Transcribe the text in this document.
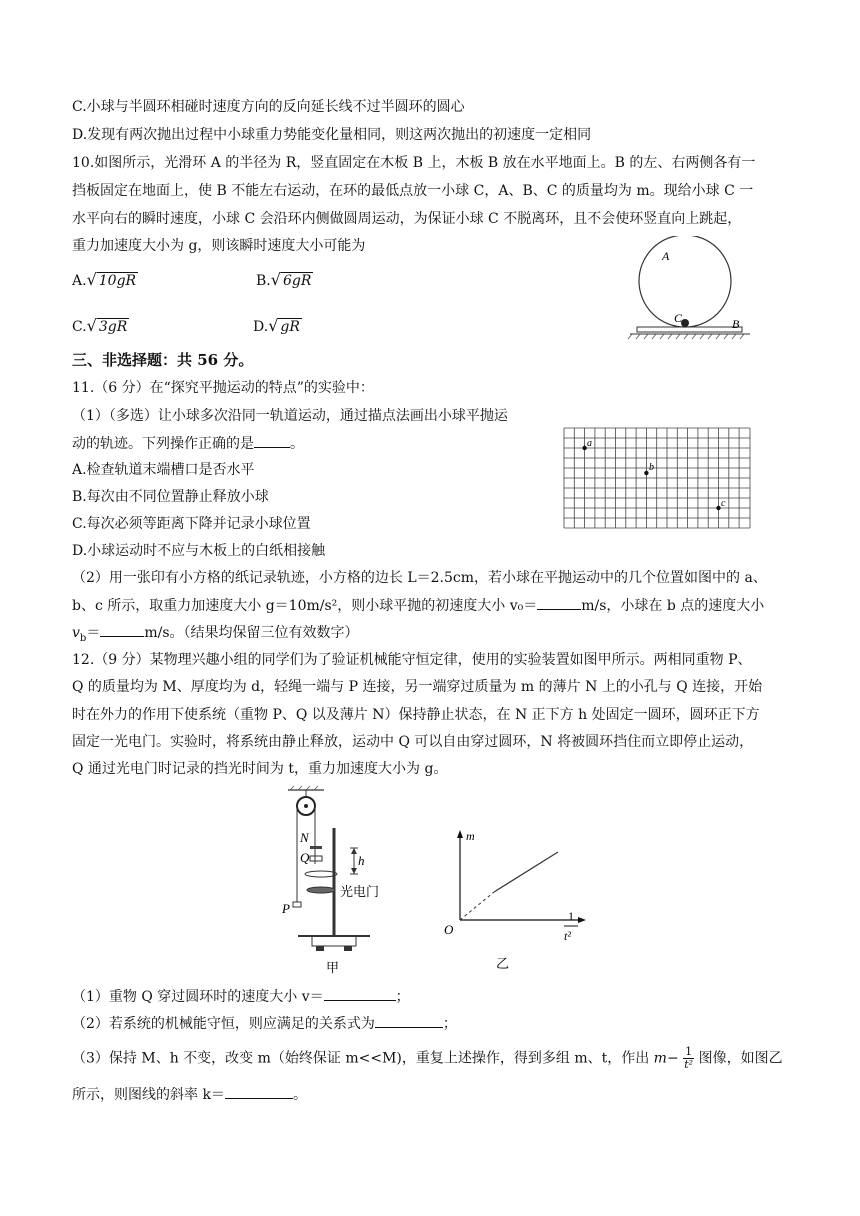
C.小球与半圆环相碰时速度方向的反向延长线不过半圆环的圆心
D.发现有两次抛出过程中小球重力势能变化量相同，则这两次抛出的初速度一定相同
10.如图所示，光滑环 A 的半径为 R，竖直固定在木板 B 上，木板 B 放在水平地面上。B 的左、右两侧各有一
挡板固定在地面上，使 B 不能左右运动，在环的最低点放一小球 C，A、B、C 的质量均为 m。现给小球 C 一
水平向右的瞬时速度，小球 C 会沿环内侧做圆周运动，为保证小球 C 不脱离环，且不会使环竖直向上跳起，
重力加速度大小为 g，则该瞬时速度大小可能为
A.√ 10gR	B.√ 6gR
C.√ 3gR	D.√ gR
A
C	B
三、非选择题：共 56 分。
11.（6 分）在“探究平抛运动的特点”的实验中：
（1）（多选）让小球多次沿同一轨道运动，通过描点法画出小球平抛运
动的轨迹。下列操作正确的是	。
A.检查轨道末端槽口是否水平
B.每次由不同位置静止释放小球
C.每次必须等距离下降并记录小球位置
D.小球运动时不应与木板上的白纸相接触
a
b
c
（2）用一张印有小方格的纸记录轨迹，小方格的边长 L＝2.5cm，若小球在平抛运动中的几个位置如图中的 a、
b、c 所示，取重力加速度大小 g＝10m/s²，则小球平抛的初速度大小 v₀＝	m/s，小球在 b 点的速度大小
$v_b=$	m/s。（结果均保留三位有效数字）
12.（9 分）某物理兴趣小组的同学们为了验证机械能守恒定律，使用的实验装置如图甲所示。两相同重物 P、
Q 的质量均为 M、厚度均为 d，轻绳一端与 P 连接，另一端穿过质量为 m 的薄片 N 上的小孔与 Q 连接，开始
时在外力的作用下使系统（重物 P、Q 以及薄片 N）保持静止状态，在 N 正下方 h 处固定一圆环，圆环正下方
固定一光电门。实验时，将系统由静止释放，运动中 Q 可以自由穿过圆环，N 将被圆环挡住而立即停止运动，
Q 通过光电门时记录的挡光时间为 t，重力加速度大小为 g。
N
Q	h
P
光电门
甲
m
O
1
t²
乙
（1）重物 Q 穿过圆环时的速度大小 v＝	；
（2）若系统的机械能守恒，则应满足的关系式为	；
（3）保持 M、h 不变，改变 m（始终保证 m<<M)，重复上述操作，得到多组 m、t，作出 $m- \frac{1}{\text{t²}}$ 图像，如图乙
所示，则图线的斜率 k＝	。
